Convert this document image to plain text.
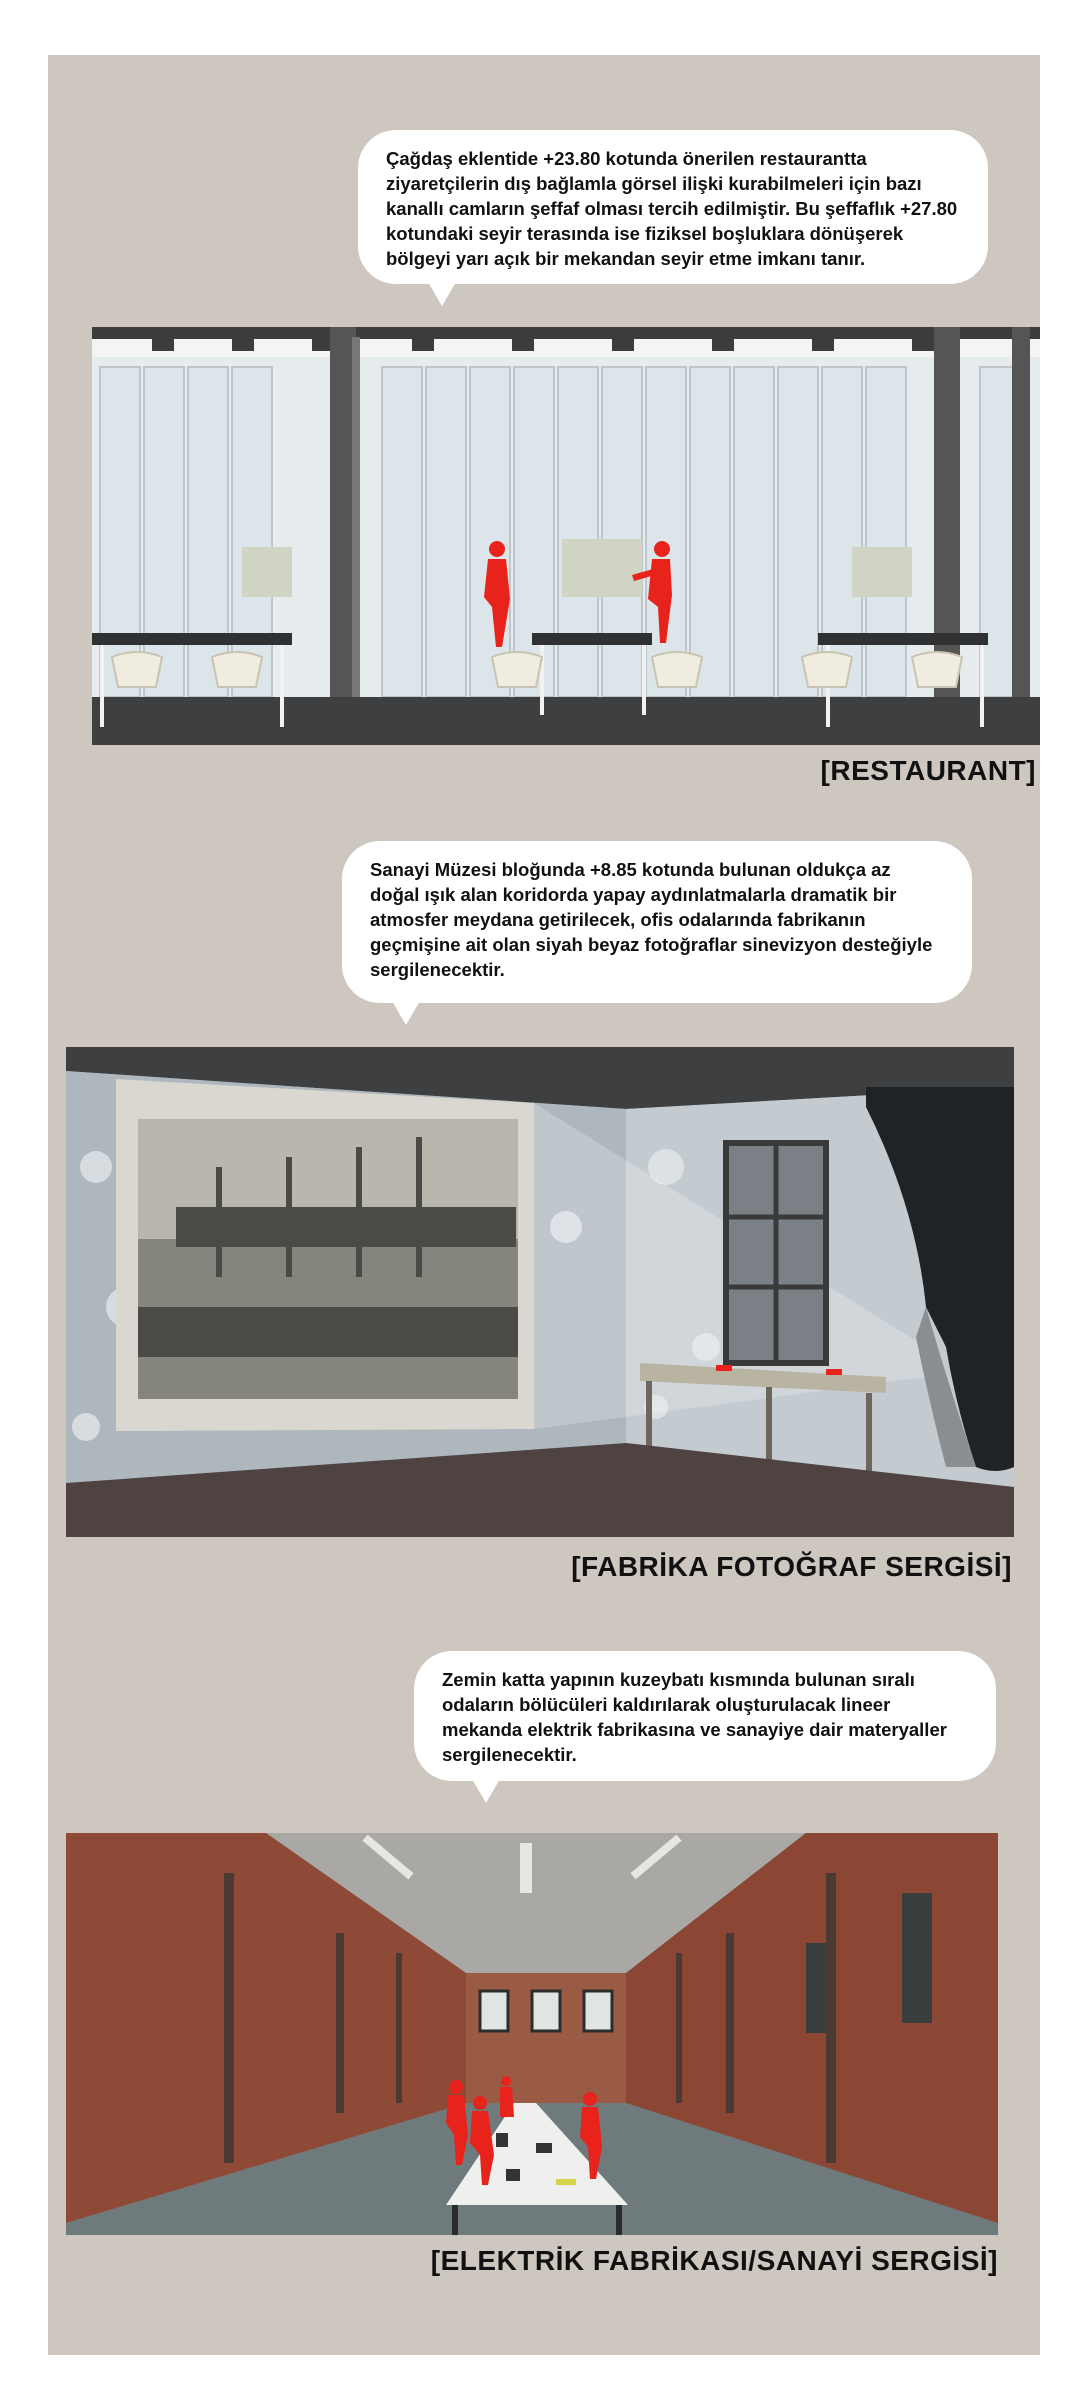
Çağdaş eklentide +23.80 kotunda önerilen restaurantta ziyaretçilerin dış bağlamla görsel ilişki kurabilmeleri için bazı kanallı camların şeffaf olması tercih edilmiştir. Bu şeffaflık +27.80 kotundaki seyir terasında ise fiziksel boşluklara dönüşerek bölgeyi yarı açık bir mekandan seyir etme imkanı tanır.
[RESTAURANT]
Sanayi Müzesi bloğunda +8.85 kotunda bulunan oldukça az doğal ışık alan koridorda yapay aydınlatmalarla dramatik bir atmosfer meydana getirilecek, ofis odalarında fabrikanın geçmişine ait olan siyah beyaz fotoğraflar sinevizyon desteğiyle sergilenecektir.
[FABRİKA FOTOĞRAF SERGİSİ]
Zemin katta yapının kuzeybatı kısmında bulunan sıralı odaların bölücüleri kaldırılarak oluşturulacak lineer mekanda elektrik fabrikasına ve sanayiye dair materyaller sergilenecektir.
[ELEKTRİK FABRİKASI/SANAYİ SERGİSİ]
